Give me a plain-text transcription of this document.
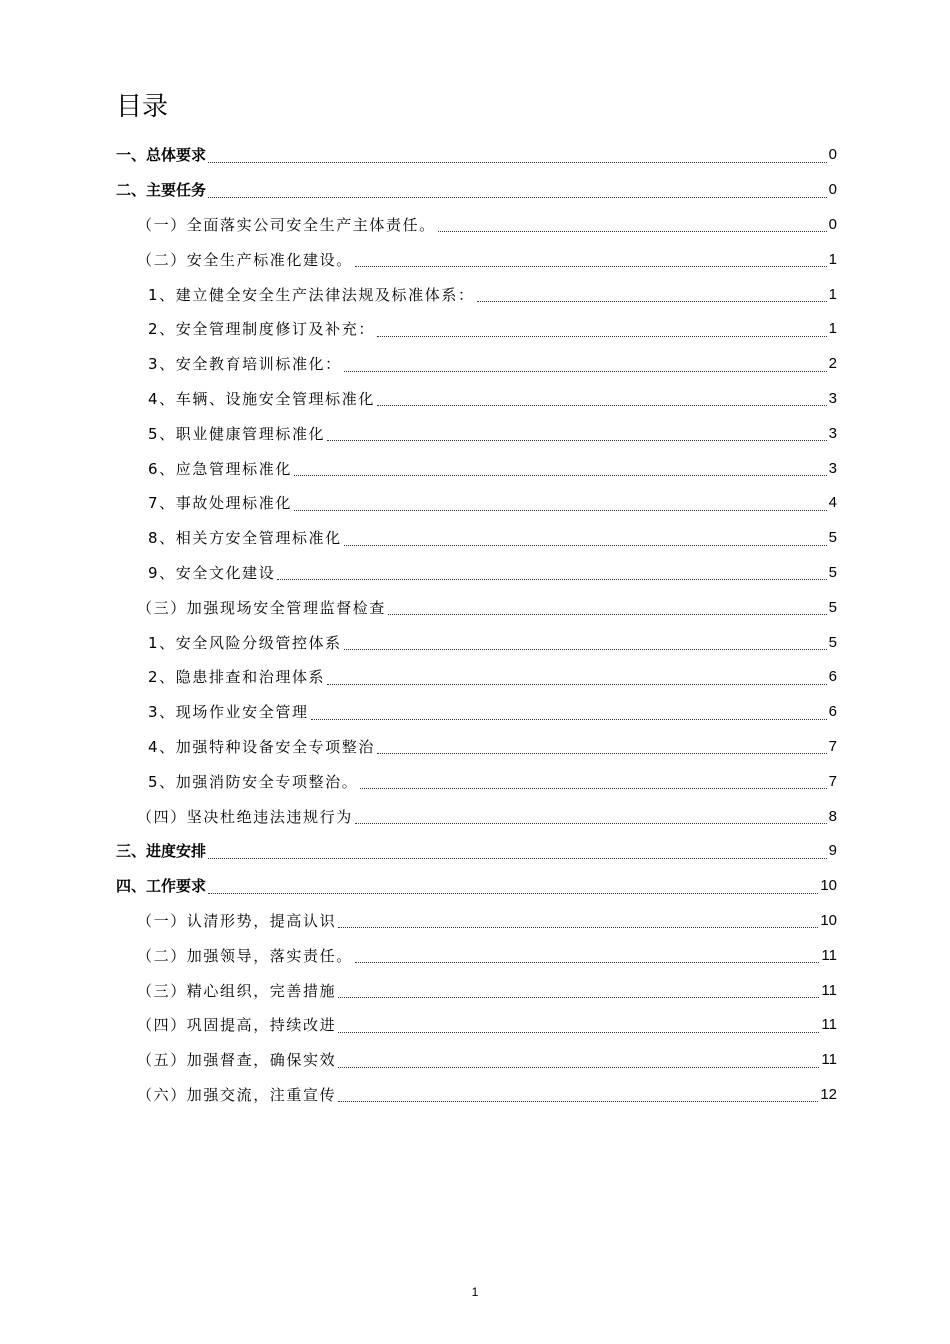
目录
一、总体要求	0
二、主要任务	0
（一）全面落实公司安全生产主体责任。	0
（二）安全生产标准化建设。	1
1、建立健全安全生产法律法规及标准体系：	1
2、安全管理制度修订及补充：	1
3、安全教育培训标准化：	2
4、车辆、设施安全管理标准化	3
5、职业健康管理标准化	3
6、应急管理标准化	3
7、事故处理标准化	4
8、相关方安全管理标准化	5
9、安全文化建设	5
（三）加强现场安全管理监督检查	5
1、安全风险分级管控体系	5
2、隐患排查和治理体系	6
3、现场作业安全管理	6
4、加强特种设备安全专项整治	7
5、加强消防安全专项整治。	7
（四）坚决杜绝违法违规行为	8
三、进度安排	9
四、工作要求	10
（一）认清形势，提高认识	10
（二）加强领导，落实责任。	11
（三）精心组织，完善措施	11
（四）巩固提高，持续改进	11
（五）加强督查，确保实效	11
（六）加强交流，注重宣传	12
1
